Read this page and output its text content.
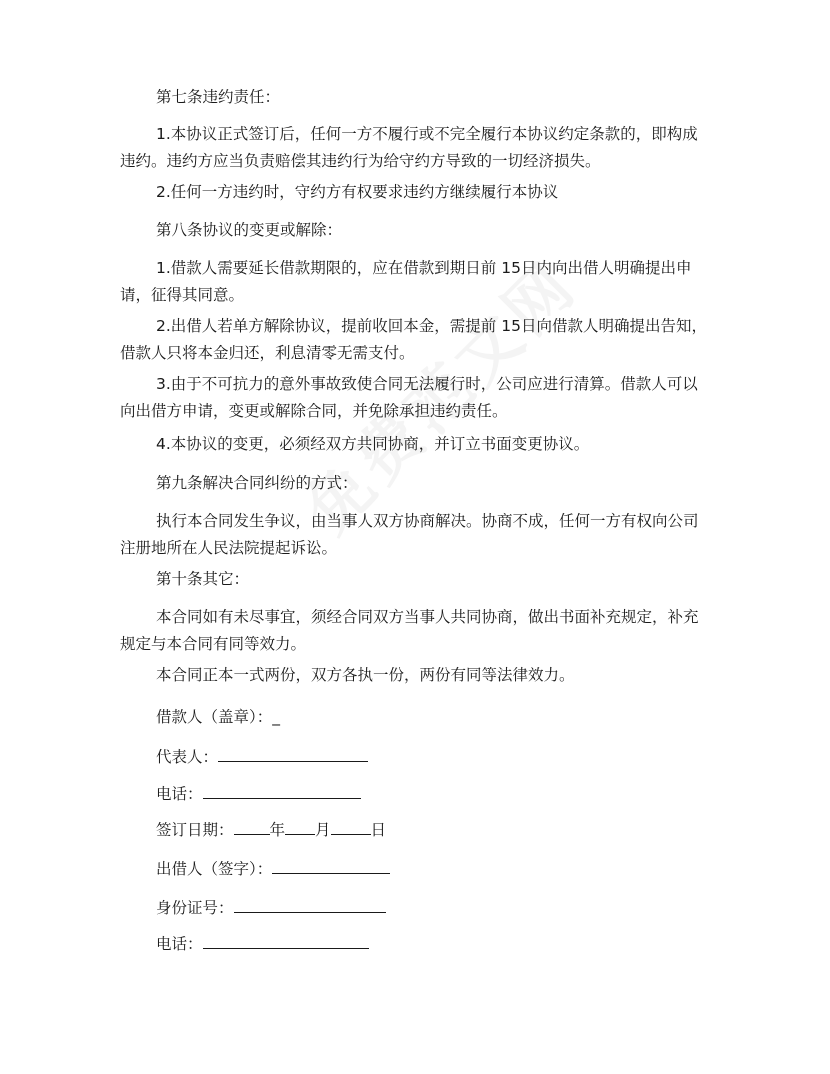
第七条违约责任：

1.本协议正式签订后，任何一方不履行或不完全履行本协议约定条款的，即构成违约。违约方应当负责赔偿其违约行为给守约方导致的一切经济损失。

2.任何一方违约时，守约方有权要求违约方继续履行本协议

第八条协议的变更或解除：

1.借款人需要延长借款期限的，应在借款到期日前 15日内向出借人明确提出申请，征得其同意。

2.出借人若单方解除协议，提前收回本金，需提前 15日向借款人明确提出告知，借款人只将本金归还，利息清零无需支付。

3.由于不可抗力的意外事故致使合同无法履行时，公司应进行清算。借款人可以向出借方申请，变更或解除合同，并免除承担违约责任。

4.本协议的变更，必须经双方共同协商，并订立书面变更协议。

第九条解决合同纠纷的方式：

执行本合同发生争议，由当事人双方协商解决。协商不成，任何一方有权向公司注册地所在人民法院提起诉讼。

第十条其它：

本合同如有未尽事宜，须经合同双方当事人共同协商，做出书面补充规定，补充规定与本合同有同等效力。

本合同正本一式两份，双方各执一份，两份有同等法律效力。

借款人（盖章）：_
代表人：
电话：
签订日期： 年 月	日
出借人（签字）：
身份证号：
电话：
